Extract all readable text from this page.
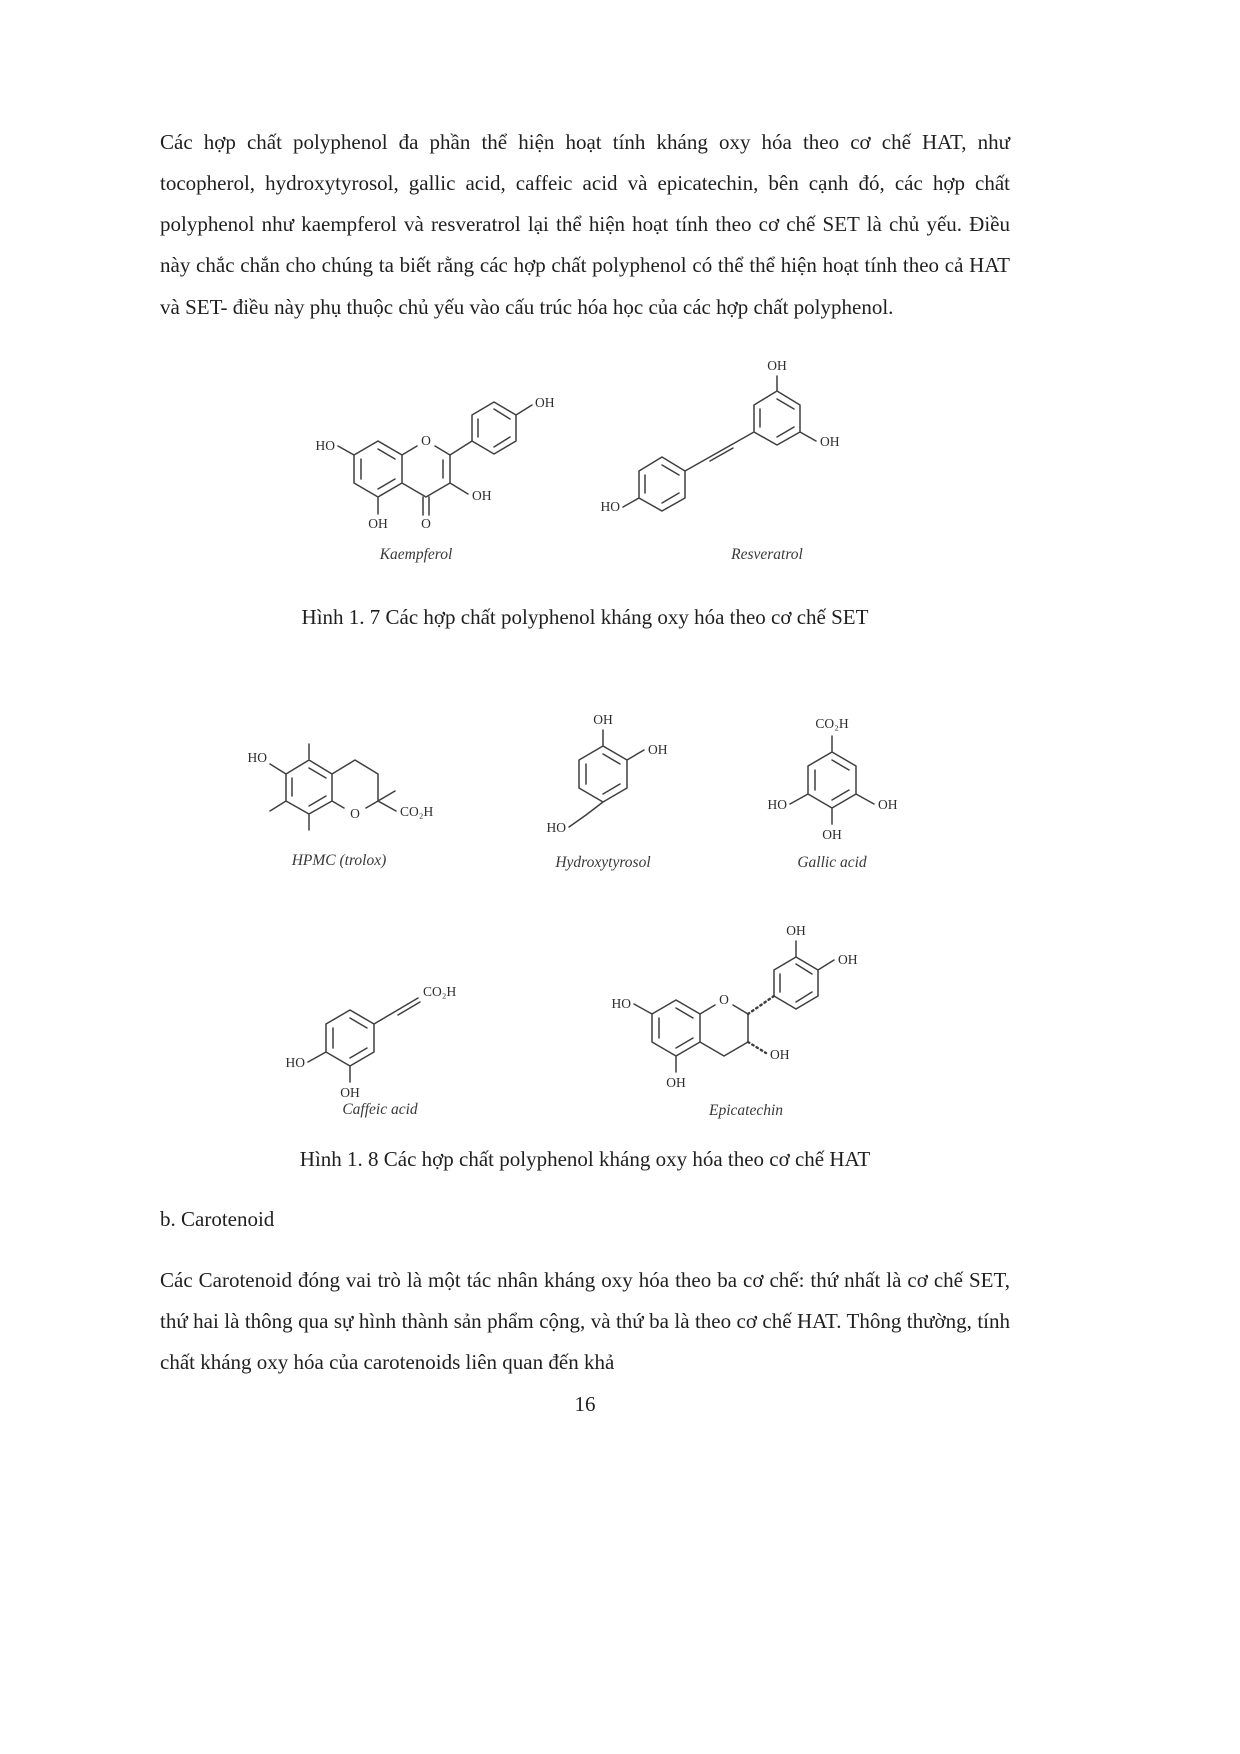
Các hợp chất polyphenol đa phần thể hiện hoạt tính kháng oxy hóa theo cơ chế HAT, như tocopherol, hydroxytyrosol, gallic acid, caffeic acid và epicatechin, bên cạnh đó, các hợp chất polyphenol như kaempferol và resveratrol lại thể hiện hoạt tính theo cơ chế SET là chủ yếu. Điều này chắc chắn cho chúng ta biết rằng các hợp chất polyphenol có thể thể hiện hoạt tính theo cả HAT và SET- điều này phụ thuộc chủ yếu vào cấu trúc hóa học của các hợp chất polyphenol.

OH
HO	O
OH
OH O
Kaempferol
OH
OH
HO
Resveratrol

Hình 1. 7 Các hợp chất polyphenol kháng oxy hóa theo cơ chế SET

HO
O	CO₂H
HPMC (trolox)
OH
OH
HO
Hydroxytyrosol
CO₂H
HO	OH
OH
Gallic acid
CO₂H
HO
OH
Caffeic acid
OH
OH
HO	O
OH
OH
Epicatechin

Hình 1. 8 Các hợp chất polyphenol kháng oxy hóa theo cơ chế HAT

b. Carotenoid

Các Carotenoid đóng vai trò là một tác nhân kháng oxy hóa theo ba cơ chế: thứ nhất là cơ chế SET, thứ hai là thông qua sự hình thành sản phẩm cộng, và thứ ba là theo cơ chế HAT. Thông thường, tính chất kháng oxy hóa của carotenoids liên quan đến khả

16
